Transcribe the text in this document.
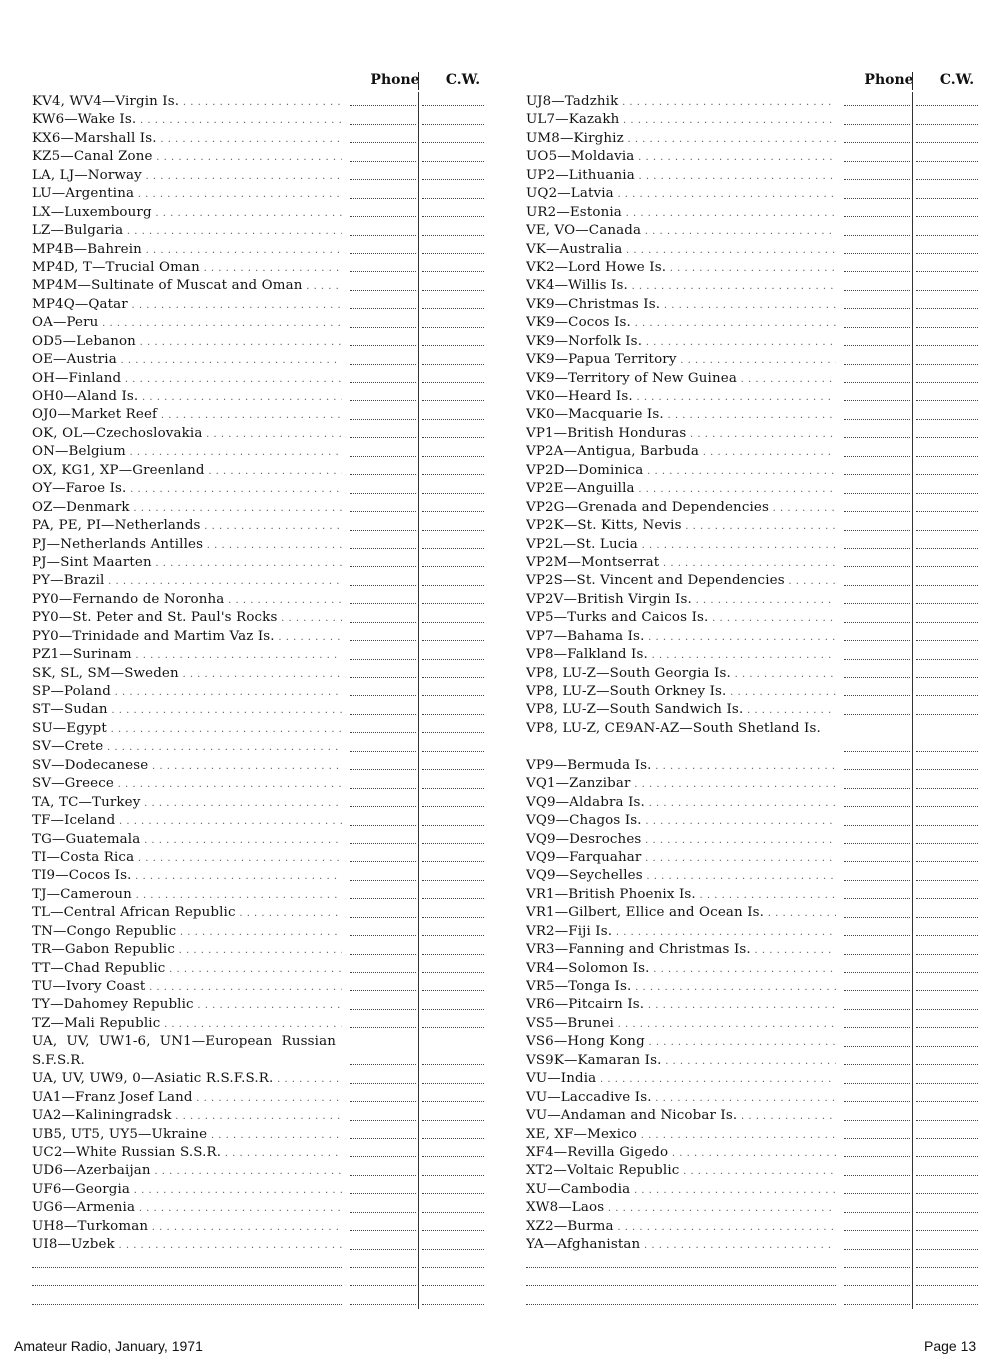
Phone	C.W.
KV4, WV4—Virgin Is. . . .
KW6—Wake Is. . . .
KX6—Marshall Is. . . .
KZ5—Canal Zone . . .
LA, LJ—Norway . . .
LU—Argentina . . .
LX—Luxembourg . . .
LZ—Bulgaria . . .
MP4B—Bahrein . . .
MP4D, T—Trucial Oman . . .
MP4M—Sultinate of Muscat and Oman . . .
MP4Q—Qatar . . .
OA—Peru . . .
OD5—Lebanon . . .
OE—Austria . . .
OH—Finland . . .
OH0—Aland Is. . . .
OJ0—Market Reef . . .
OK, OL—Czechoslovakia . . .
ON—Belgium . . .
OX, KG1, XP—Greenland . . .
OY—Faroe Is. . . .
OZ—Denmark . . .
PA, PE, PI—Netherlands . . .
PJ—Netherlands Antilles . . .
PJ—Sint Maarten . . .
PY—Brazil . . .
PY0—Fernando de Noronha . . .
PY0—St. Peter and St. Paul's Rocks . . .
PY0—Trinidade and Martim Vaz Is. . . .
PZ1—Surinam . . .
SK, SL, SM—Sweden . . .
SP—Poland . . .
ST—Sudan . . .
SU—Egypt . . .
SV—Crete . . .
SV—Dodecanese . . .
SV—Greece . . .
TA, TC—Turkey . . .
TF—Iceland . . .
TG—Guatemala . . .
TI—Costa Rica . . .
TI9—Cocos Is. . . .
TJ—Cameroun . . .
TL—Central African Republic . . .
TN—Congo Republic . . .
TR—Gabon Republic . . .
TT—Chad Republic . . .
TU—Ivory Coast . . .
TY—Dahomey Republic . . .
TZ—Mali Republic . . .
UA, UV, UW1-6, UN1—European Russian S.F.S.R.
UA, UV, UW9, 0—Asiatic R.S.F.S.R. . . .
UA1—Franz Josef Land . . .
UA2—Kaliningradsk . . .
UB5, UT5, UY5—Ukraine . . .
UC2—White Russian S.S.R. . . .
UD6—Azerbaijan . . .
UF6—Georgia . . .
UG6—Armenia . . .
UH8—Turkoman . . .
UI8—Uzbek . . .
Phone	C.W.
UJ8—Tadzhik . . .
UL7—Kazakh . . .
UM8—Kirghiz . . .
UO5—Moldavia . . .
UP2—Lithuania . . .
UQ2—Latvia . . .
UR2—Estonia . . .
VE, VO—Canada . . .
VK—Australia . . .
VK2—Lord Howe Is. . . .
VK4—Willis Is. . . .
VK9—Christmas Is. . . .
VK9—Cocos Is. . . .
VK9—Norfolk Is. . . .
VK9—Papua Territory . . .
VK9—Territory of New Guinea . . .
VK0—Heard Is. . . .
VK0—Macquarie Is. . . .
VP1—British Honduras . . .
VP2A—Antigua, Barbuda . . .
VP2D—Dominica . . .
VP2E—Anguilla . . .
VP2G—Grenada and Dependencies . . .
VP2K—St. Kitts, Nevis . . .
VP2L—St. Lucia . . .
VP2M—Montserrat . . .
VP2S—St. Vincent and Dependencies . . .
VP2V—British Virgin Is. . . .
VP5—Turks and Caicos Is. . . .
VP7—Bahama Is. . . .
VP8—Falkland Is. . . .
VP8, LU-Z—South Georgia Is. . . .
VP8, LU-Z—South Orkney Is. . . .
VP8, LU-Z—South Sandwich Is. . . .
VP8, LU-Z, CE9AN-AZ—South Shetland Is.
VP9—Bermuda Is. . . .
VQ1—Zanzibar . . .
VQ9—Aldabra Is. . . .
VQ9—Chagos Is. . . .
VQ9—Desroches . . .
VQ9—Farquahar . . .
VQ9—Seychelles . . .
VR1—British Phoenix Is. . . .
VR1—Gilbert, Ellice and Ocean Is. . . .
VR2—Fiji Is. . . .
VR3—Fanning and Christmas Is. . . .
VR4—Solomon Is. . . .
VR5—Tonga Is. . . .
VR6—Pitcairn Is. . . .
VS5—Brunei . . .
VS6—Hong Kong . . .
VS9K—Kamaran Is. . . .
VU—India . . .
VU—Laccadive Is. . . .
VU—Andaman and Nicobar Is. . . .
XE, XF—Mexico . . .
XF4—Revilla Gigedo . . .
XT2—Voltaic Republic . . .
XU—Cambodia . . .
XW8—Laos . . .
XZ2—Burma . . .
YA—Afghanistan . . .
Amateur Radio, January, 1971	Page 13
